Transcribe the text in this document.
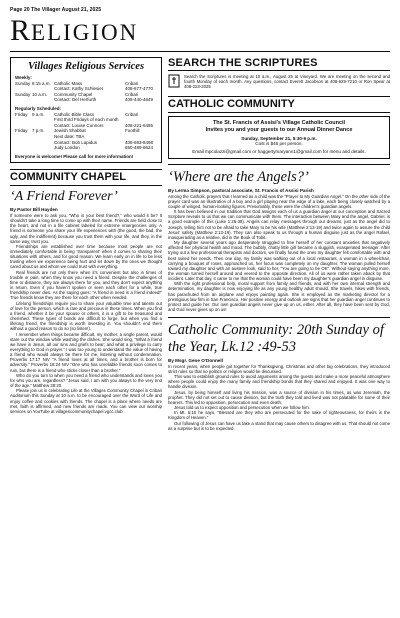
Page 20 The Villager August 21, 2025
RELIGION
Villages Religious Services
Weekly:
Sunday 8:15 a.m. Catholic Mass	Cribari
Contact: Kathy Schlesier	408-677-4770
Sunday 10 a.m.	Community Chapel	Cribari
Contact: Del Herfurth	408-440-4649
Regularly Scheduled:
Friday 9 a.m.	Catholic Bible Class	Cribari
First third Fridays of each month
Contact: Louise Connors	408-221-6485
Friday 7 p.m.	Jewish Shabbat	Foothill
Next date: TBA
Contact: Bob Lapidus	408-693-8498
Judy London	650-489-8624
Everyone is welcome! Please call for more information!
COMMUNITY CHAPEL
‘A Friend Forever’
By Pastor Bill Hayden

If someone were to ask you, “Who is your best friend?,” who would it be? It shouldn’t take a long time to come up with their name. Friends are held close to the heart, and not in a file cabinet labeled for extreme emergencies only. A friend is someone you share your life experiences with (the good, the bad, the ugly, and the indifferent) because you trust them with your life, and they, in the same way, trust you.

Friendships are established over time because most people are not immediately comfortable in being ‘transparent’ when it comes to sharing their situations with others, and for good reason. We learn early on in life to be less trusting when we experience being hurt and let down by the ones we thought cared about us and whom we could trust with everything.

Real friends are not only there when it’s convenient but also in times of trouble or pain, when they know you need a friend. Despite the challenges of time or distance, they are always there for you, and they don’t expect anything in return. Even if you haven’t spoken or seen each other for a while, true friendship never dies. As the saying goes: “A friend in need is a friend indeed!” True friends know they are there for each other when needed.

Lifelong friendships require you to share your valuable time and talents out of love for the person, which is rare and precious in these times. When you find a friend, whether it be your spouse or others, it is a gift to be treasured and cherished. These types of bonds are difficult to forge, but when you find a lifelong friend, the friendship is worth investing in. You shouldn’t end them without a good reason to do so (so listen!).

I remember when things became difficult, my mother, a single parent, would stare out the window while washing the dishes. She would sing, “What a friend we have in Jesus, all our sins and griefs to bear; and what a privilege to carry everything to God in prayer.” I was too young to understand the value of having a friend who would always be there for me, listening without condemnation. Proverbs 17:17 NIV “A friend loves at all times, and a brother is born for adversity.” Proverbs 18:24 NIV “One who has unreliable friends soon comes to ruin, but there is a friend who sticks closer than a brother.”

Who do you turn to when you need a friend who understands and loves you for who you are, regardless? “Jesus said, I am with you always to the very end of the age.” Matthew 28:20.

Please join us in celebrating Life at the Villages Community Chapel in Cribari Auditorium this Sunday at 10 a.m. to be encouraged over the Word of Life and enjoy coffee and cookies with friends. The chapel is a place where needs are met, faith is affirmed, and new friends are made. You can view our worship services on YouTube at villagescommunitychapel.vgcc.club

SEARCH THE SCRIPTURES

Search the Scriptures is meeting at 10 a.m., August 25 at Vineyard. We are meeting on the second and fourth Monday of each month. Any questions, contact Everett Jacobson at 408-629-7210 or Ron Spear at 408-223-2025

CATHOLIC COMMUNITY
The St. Francis of Assisi's Village Catholic Council
Invites you and your guests to our Annual Dinner Dance
Sunday, September 21, 5:30-9 p.m.
Cost is $45 per person.
Email mpcolazzi@gmail.com or haggertymaryann1@gmail.com for menu and details.
‘Where are the Angels?’
By Lerma Simpson, pastoral associate, St. Francis of Assisi Parish

Among the Catholic prayers that I learned as a child was the “Prayer to My Guardian Angel.” On the other side of the prayer card was an illustration of a boy and a girl playing near the edge of a lake, each being closely watched by a couple of winged, human-looking figures. Presumably, these were the children’s guardian angels.

It has been believed in our tradition that God assigns each of us a guardian angel at our conception and Sacred Scripture reveals to us that we can communicate with them. The interaction between Mary and the angel, Gabriel, is a good example of this (Luke 1:26-38). Angels can relay messages through our dreams, just as the angel did to Joseph, telling him not to be afraid to take Mary to be his wife (Matthew 2:13-19) and twice again to assure the child Jesus’ safety (Matthew 2:13-19). They can also speak to us through a human disguise just as the angel Rafael, masquerading as a relative, did in the Book of Tobit.

My daughter several years ago desperately struggled to free herself of her constant anxieties that negatively affected her physical health and mood. The bubbly, chatty little girl became a sluggish, exasperated teenager. After trying out a few professional therapists and doctors, we finally found the ones my daughter felt comfortable with and best suited her needs. Then one day, my family was walking out of a local restaurant, a woman in a wheelchair, carrying a bouquet of roses, approached us, her focus was completely on my daughter. The woman pulled herself toward my daughter and with an austere look, said to her, “You are going to be OK”. Without saying anything more, the woman turned herself around and veered to the opposite direction. All of us were rather taken aback by that incident. Later that day, it came to me that the woman could have been my daughter’s guardian angel in disguise.

With the right professional help, moral support from family and friends, and with her own internal strength and determination, my daughter is now enjoying life as any young healthy adult should. She travels, hikes with friends, has parachuted from an airplane and enjoys painting again. She is employed as the marketing director for a prestigious law firm in San Francisco. Her positive energy and outlook are signs that her guardian angel continues to protect and guide her. Our own guardian angels never give up on us, either. After all, they have been sent by God, and God never gives up on us!

Catholic Community: 20th Sunday of the Year, Lk.12 :49-53
By Msgr. Gene O’Donnell

In recent years, when people got together for Thanksgiving, Christmas and other big celebrations, they introduced strict rules so that no politics or religion would be discussed.

This was to establish ground rules to avoid arguments among the guests and make a more peaceful atmosphere where people could enjoy the many family and friendship bonds that they shared and enjoyed. It was one way to handle division.

Jesus, by being himself and living his mission, was a source of division in his times, as was Jeremiah, the prophet. They did not set out to cause division, but the truth they told and lived was not palatable for some of their hearers. This led to opposition, persecution and even death.

Jesus told us to expect opposition and persecution when we follow him.

In Mt. 5:10 he says, “Blessed are they who are persecuted for the sake of righteousness, for theirs is the Kingdom of Heaven.”

Our following of Jesus can have us take a stand that may cause others to disagree with us. That should not come as a surprise but is to be expected.
